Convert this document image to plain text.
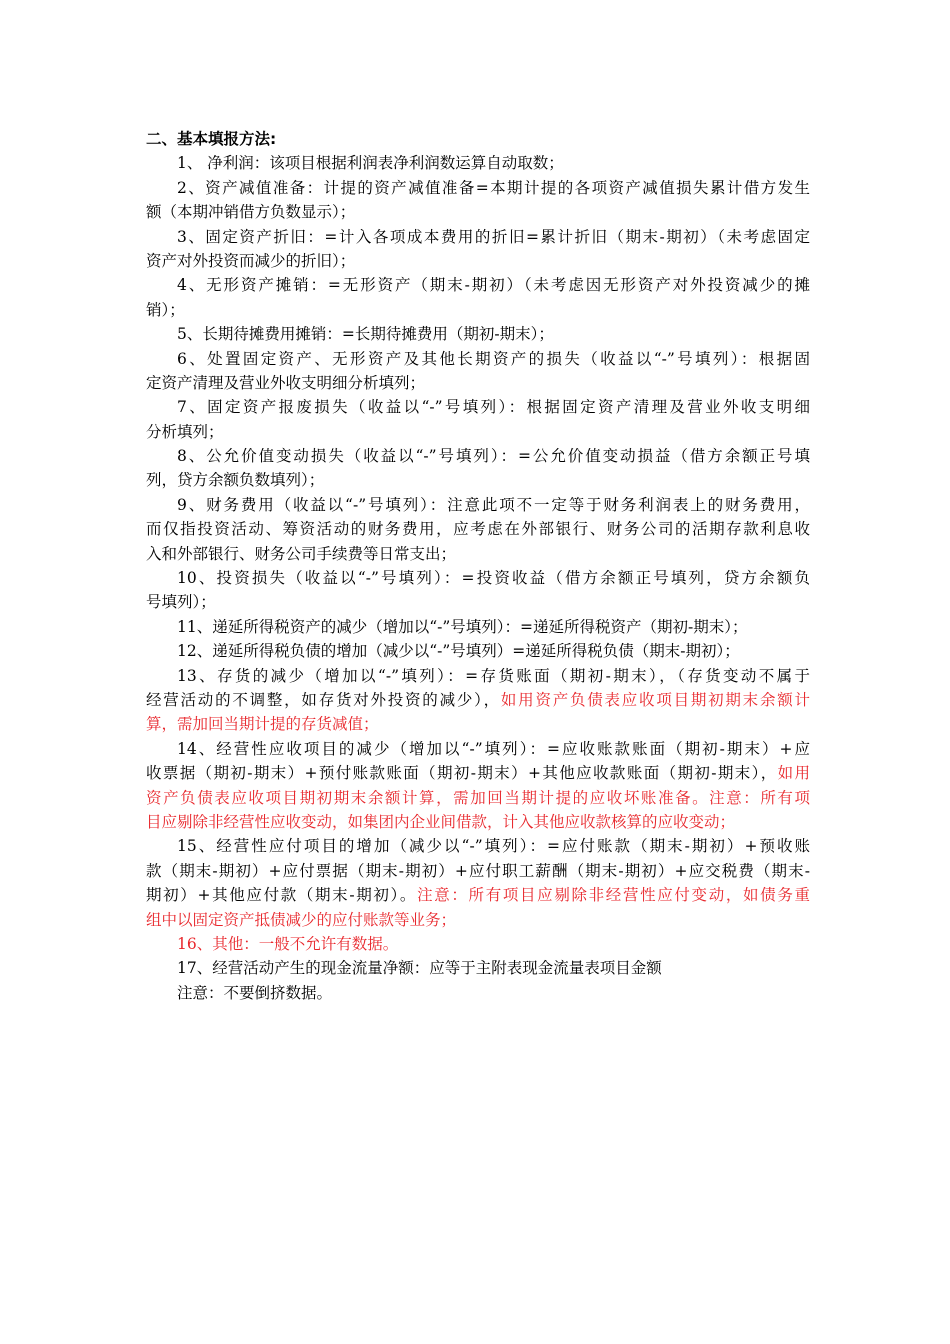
二、基本填报方法:
1、 净利润：该项目根据利润表净利润数运算自动取数；
2、资产减值准备：计提的资产减值准备=本期计提的各项资产减值损失累计借方发生
额（本期冲销借方负数显示）；
3、固定资产折旧：=计入各项成本费用的折旧=累计折旧（期末-期初）（未考虑固定
资产对外投资而减少的折旧）；
4、无形资产摊销：=无形资产（期末-期初）（未考虑因无形资产对外投资减少的摊
销）；
5、长期待摊费用摊销：=长期待摊费用（期初-期末）；
6、处置固定资产、无形资产及其他长期资产的损失（收益以“-”号填列）：根据固
定资产清理及营业外收支明细分析填列；
7、固定资产报废损失（收益以“-”号填列）：根据固定资产清理及营业外收支明细
分析填列；
8、公允价值变动损失（收益以“-”号填列）：=公允价值变动损益（借方余额正号填
列，贷方余额负数填列）；
9、财务费用（收益以“-”号填列）：注意此项不一定等于财务利润表上的财务费用，
而仅指投资活动、筹资活动的财务费用，应考虑在外部银行、财务公司的活期存款利息收
入和外部银行、财务公司手续费等日常支出；
10、投资损失（收益以“-”号填列）：=投资收益（借方余额正号填列，贷方余额负
号填列）；
11、递延所得税资产的减少（增加以“-”号填列）：=递延所得税资产（期初-期末）；
12、递延所得税负债的增加（减少以“-”号填列）=递延所得税负债（期末-期初）；
13、存货的减少（增加以“-”填列）：=存货账面（期初-期末），（存货变动不属于
经营活动的不调整，如存货对外投资的减少），如用资产负债表应收项目期初期末余额计
算，需加回当期计提的存货减值；
14、经营性应收项目的减少（增加以“-”填列）：=应收账款账面（期初-期末）+应
收票据（期初-期末）+预付账款账面（期初-期末）+其他应收款账面（期初-期末），如用
资产负债表应收项目期初期末余额计算，需加回当期计提的应收坏账准备。注意：所有项
目应剔除非经营性应收变动，如集团内企业间借款，计入其他应收款核算的应收变动；
15、经营性应付项目的增加（减少以“-”填列）：=应付账款（期末-期初）+预收账
款（期末-期初）+应付票据（期末-期初）+应付职工薪酬（期末-期初）+应交税费（期末-
期初）+其他应付款（期末-期初）。注意：所有项目应剔除非经营性应付变动，如债务重
组中以固定资产抵债减少的应付账款等业务；
16、其他：一般不允许有数据。
17、经营活动产生的现金流量净额：应等于主附表现金流量表项目金额
注意：不要倒挤数据。
